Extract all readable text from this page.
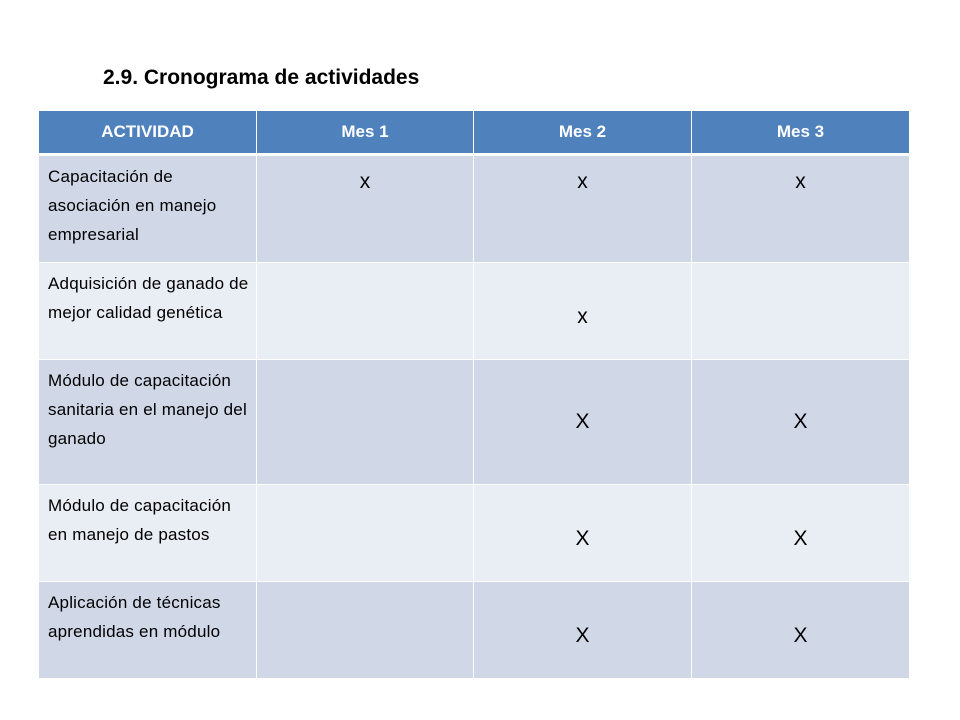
2.9. Cronograma de actividades
ACTIVIDAD	Mes 1	Mes 2	Mes 3
Capacitación de asociación en manejo empresarial	x	x	x
Adquisición de ganado de mejor calidad genética		x	
Módulo de capacitación sanitaria en el manejo del ganado		X	X
Módulo de capacitación en manejo de pastos		X	X
Aplicación de técnicas aprendidas en módulo		X	X
